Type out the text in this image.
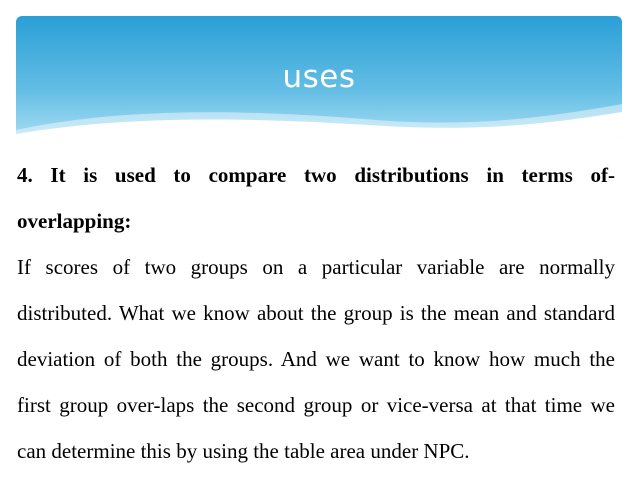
uses
4. It is used to compare two distributions in terms of-
overlapping:
If scores of two groups on a particular variable are normally
distributed. What we know about the group is the mean and standard
deviation of both the groups. And we want to know how much the
first group over-laps the second group or vice-versa at that time we
can determine this by using the table area under NPC.
